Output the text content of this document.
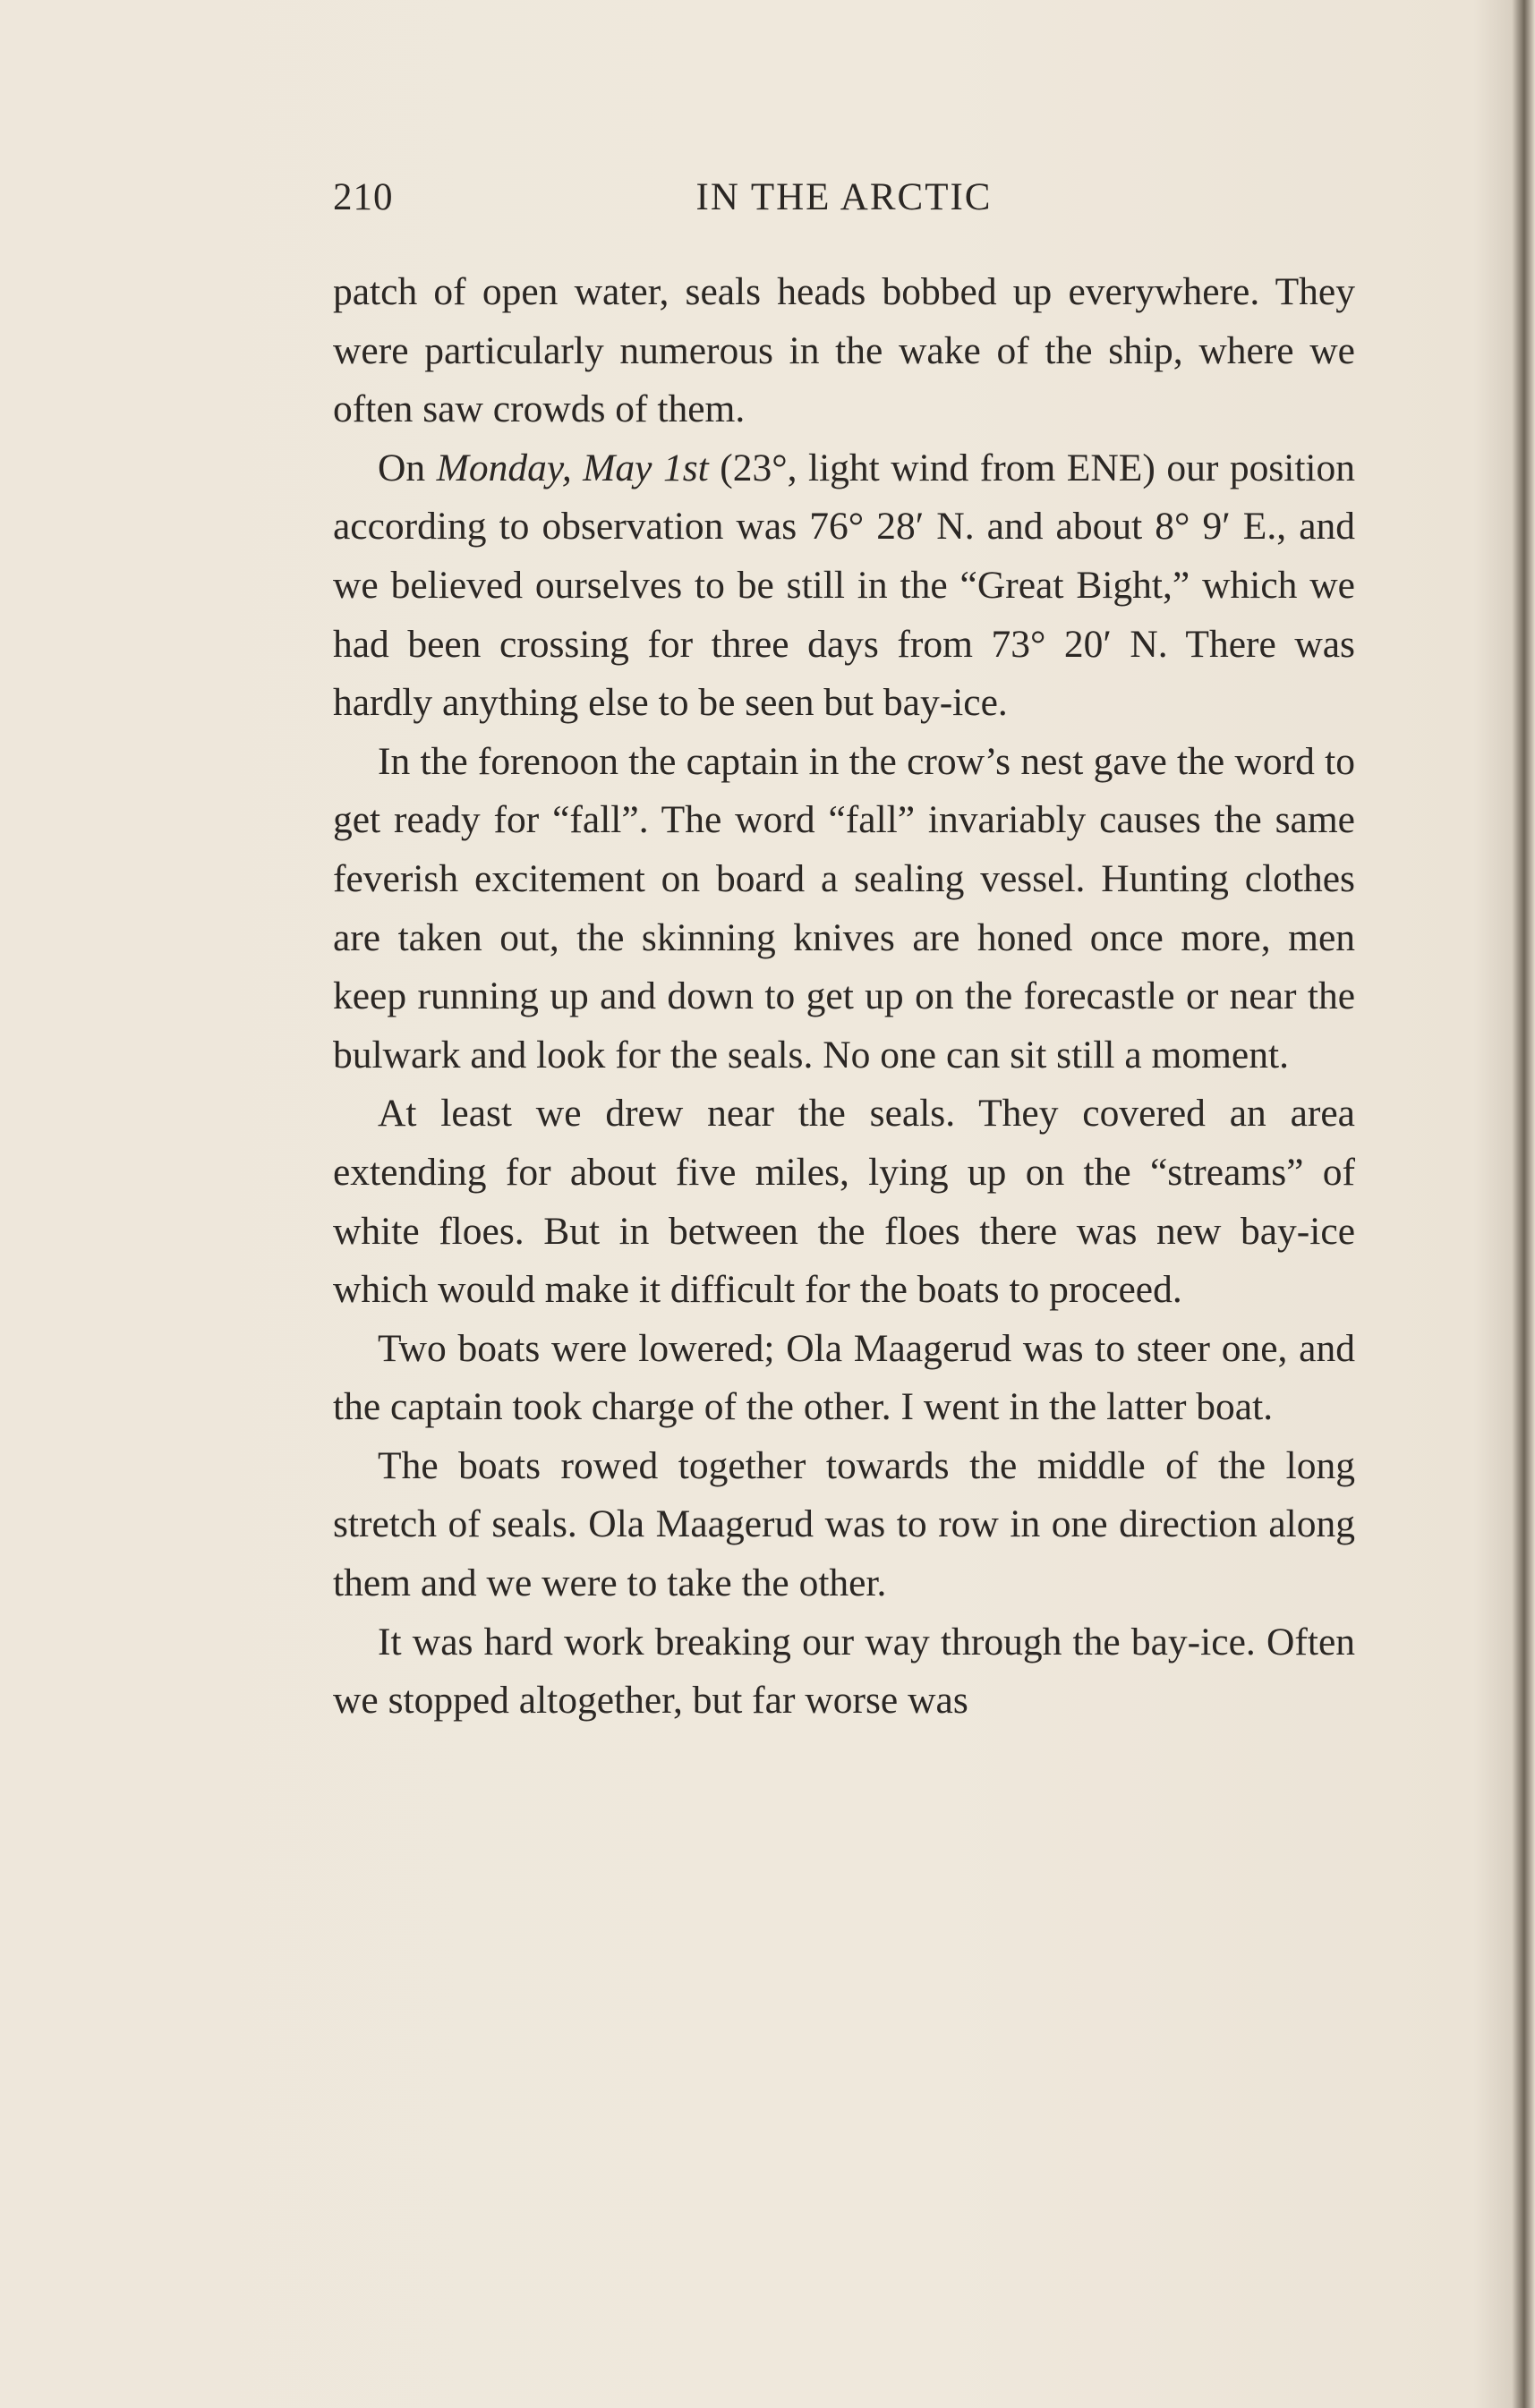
210	IN THE ARCTIC

patch of open water, seals heads bobbed up everywhere. They were particularly numerous in the wake of the ship, where we often saw crowds of them.

On Monday, May 1st (23°, light wind from ENE) our position according to observation was 76° 28′ N. and about 8° 9′ E., and we believed ourselves to be still in the “Great Bight,” which we had been crossing for three days from 73° 20′ N. There was hardly anything else to be seen but bay-ice.

In the forenoon the captain in the crow’s nest gave the word to get ready for “fall”. The word “fall” invariably causes the same feverish excitement on board a sealing vessel. Hunting clothes are taken out, the skinning knives are honed once more, men keep running up and down to get up on the forecastle or near the bulwark and look for the seals. No one can sit still a moment.

At least we drew near the seals. They covered an area extending for about five miles, lying up on the “streams” of white floes. But in between the floes there was new bay-ice which would make it difficult for the boats to proceed.

Two boats were lowered; Ola Maagerud was to steer one, and the captain took charge of the other. I went in the latter boat.

The boats rowed together towards the middle of the long stretch of seals. Ola Maagerud was to row in one direction along them and we were to take the other.

It was hard work breaking our way through the bay-ice. Often we stopped altogether, but far worse was
